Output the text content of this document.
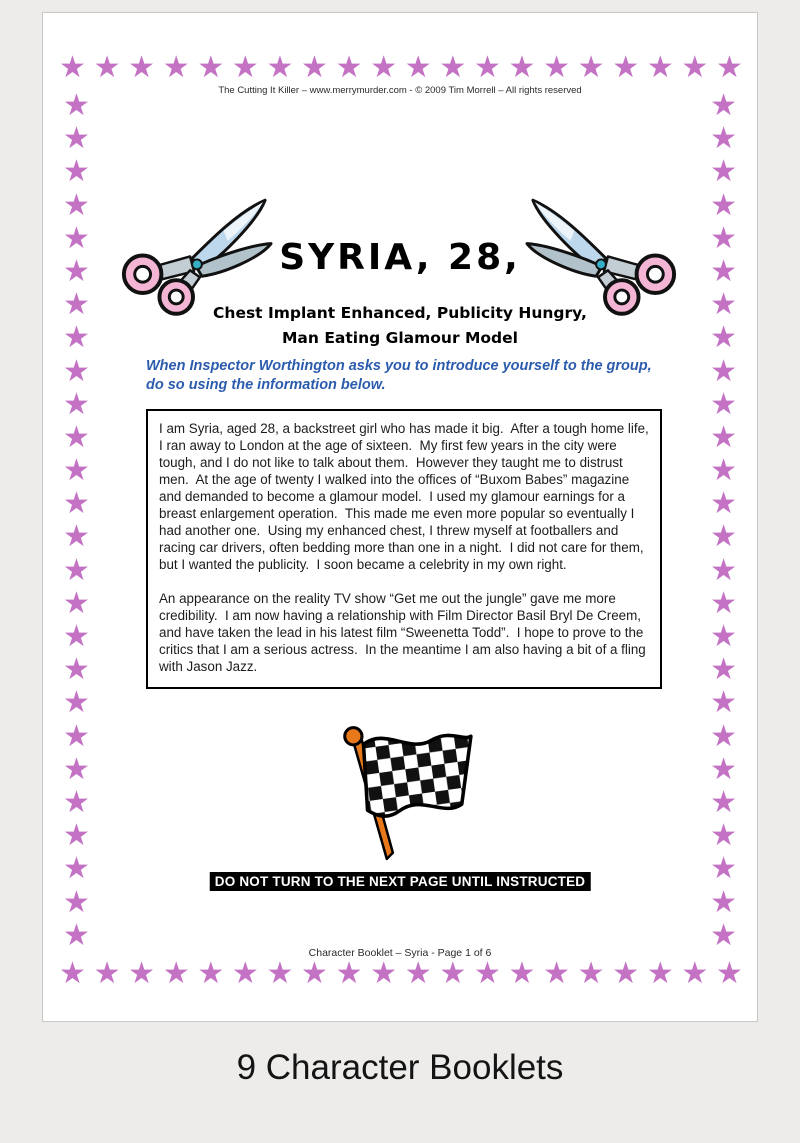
★ ★ ★ ★ ★ ★ ★ ★ ★ ★ ★ ★ ★ ★ ★ ★ ★ ★ ★ ★
★ ★ ★ ★ ★ ★ ★ ★ ★ ★ ★ ★ ★ ★ ★ ★ ★ ★ ★ ★
★
★
★
★
★
★
★
★
★
★
★
★
★
★
★
★
★
★
★
★
★
★
★
★
★
★
★
★
★
★
★
★
★
★
★
★
★
★
★
★
★
★
★
★
★
★
★
★
★
★
★
★
The Cutting It Killer – www.merrymurder.com - © 2009 Tim Morrell – All rights reserved
SYRIA, 28,
Chest Implant Enhanced, Publicity Hungry,
Man Eating Glamour Model
When Inspector Worthington asks you to introduce yourself to the group, do so using the information below.

I am Syria, aged 28, a backstreet girl who has made it big.  After a tough home life, I ran away to London at the age of sixteen.  My first few years in the city were tough, and I do not like to talk about them.  However they taught me to distrust men.  At the age of twenty I walked into the offices of “Buxom Babes” magazine and demanded to become a glamour model.  I used my glamour earnings for a breast enlargement operation.  This made me even more popular so eventually I had another one.  Using my enhanced chest, I threw myself at footballers and racing car drivers, often bedding more than one in a night.  I did not care for them, but I wanted the publicity.  I soon became a celebrity in my own right.

An appearance on the reality TV show “Get me out the jungle” gave me more credibility.  I am now having a relationship with Film Director Basil Bryl De Creem, and have taken the lead in his latest film “Sweenetta Todd”.  I hope to prove to the critics that I am a serious actress.  In the meantime I am also having a bit of a fling with Jason Jazz.

DO NOT TURN TO THE NEXT PAGE UNTIL INSTRUCTED
Character Booklet – Syria - Page 1 of 6
9 Character Booklets
